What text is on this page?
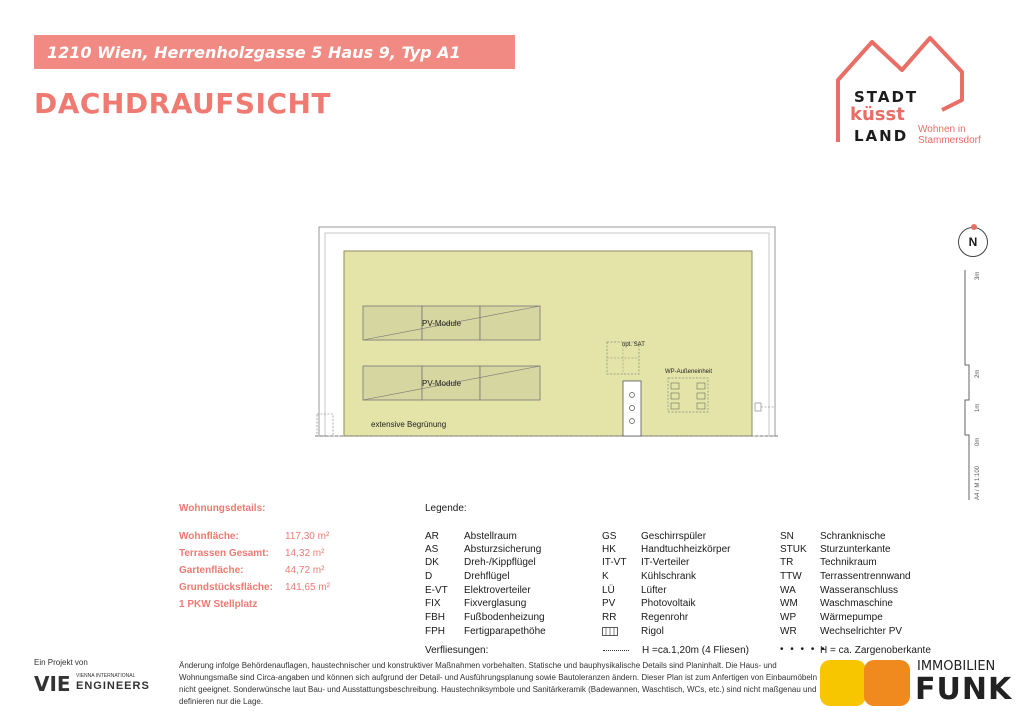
1210 Wien, Herrenholzgasse 5 Haus 9, Typ A1
DACHDRAUFSICHT	STADT
küsst
LAND Wohnen in
Stammersdorf
PV-Module
PV-Module
opt. SAT
WP-Außeneinheit
extensive Begrünung
N
3m
2m
1m
0m
A4 / M 1:100
Wohnungsdetails:
Wohnfläche:	117,30 m²
Terrassen Gesamt: 14,32 m²
Gartenfläche:	44,72 m²
Grundstücksfläche: 141,65 m²
1 PKW Stellplatz
Legende:
AR	Abstellraum
AS	Absturzsicherung
DK	Dreh-/Kippflügel
D	Drehflügel
E-VT Elektroverteiler
FIX Fixverglasung
FBH Fußbodenheizung
FPH Fertigparapethöhe
GS Geschirrspüler
HK	Handtuchheizkörper
IT-VT IT-Verteiler
K	Kühlschrank
LÜ	Lüfter
PV	Photovoltaik
RR Regenrohr
Rigol
SN	Schranknische
STUK Sturzunterkante
TR	Technikraum
TTW Terrassentrennwand
WA Wasseranschluss
WM Waschmaschine
WP Wärmepumpe
WR Wechselrichter PV
Verfliesungen:	H =ca.1,20m (4 Fliesen)	• • • • •
H = ca. Zargenoberkante
Änderung infolge Behördenauflagen, haustechnischer und konstruktiver Maßnahmen vorbehalten. Statische und bauphysikalische Details sind Planinhalt. Die Haus- und Wohnungsmaße sind Circa-angaben und können sich aufgrund der Detail- und Ausführungsplanung sowie Bautoleranzen ändern. Dieser Plan ist zum Anfertigen von Einbaumöbeln nicht geeignet. Sonderwünsche laut Bau- und Ausstattungsbeschreibung. Haustechniksymbole und Sanitärkeramik (Badewannen, Waschtisch, WCs, etc.) sind nicht maßgenau und definieren nur die Lage.
Ein Projekt von
VIE VIENNA INTERNATIONAL
ENGINEERS
IMMOBILIEN
FUNK
